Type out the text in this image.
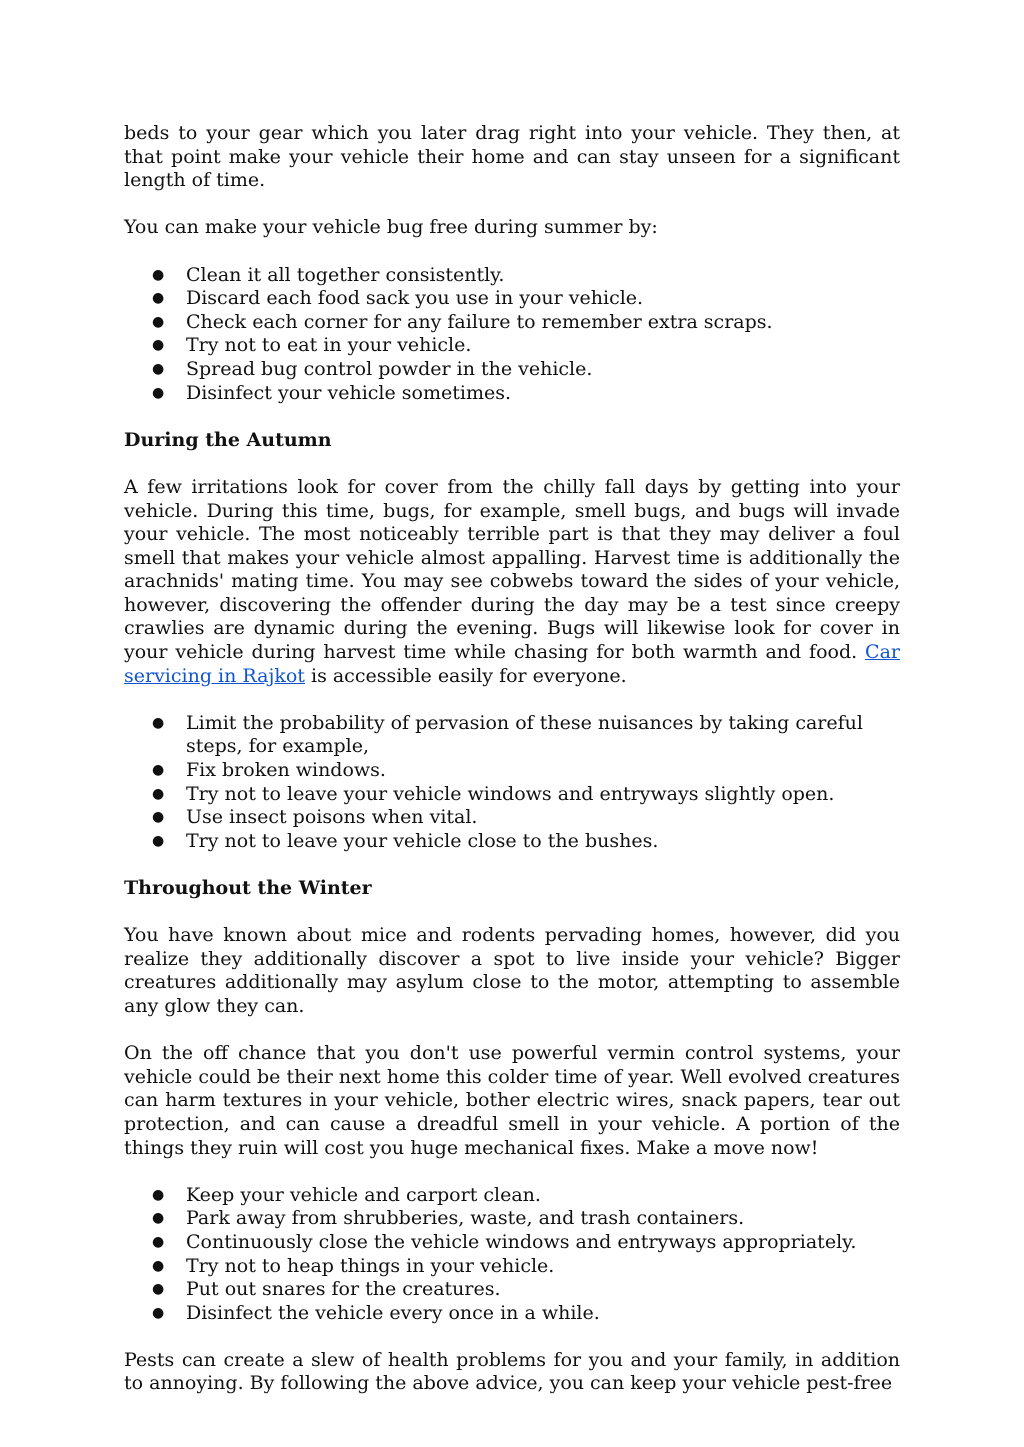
beds to your gear which you later drag right into your vehicle. They then, at that point make your vehicle their home and can stay unseen for a significant length of time.

You can make your vehicle bug free during summer by:

● Clean it all together consistently.
● Discard each food sack you use in your vehicle.
● Check each corner for any failure to remember extra scraps.
● Try not to eat in your vehicle.
● Spread bug control powder in the vehicle.
● Disinfect your vehicle sometimes.
During the Autumn

A few irritations look for cover from the chilly fall days by getting into your vehicle. During this time, bugs, for example, smell bugs, and bugs will invade your vehicle. The most noticeably terrible part is that they may deliver a foul smell that makes your vehicle almost appalling. Harvest time is additionally the arachnids' mating time. You may see cobwebs toward the sides of your vehicle, however, discovering the offender during the day may be a test since creepy crawlies are dynamic during the evening. Bugs will likewise look for cover in your vehicle during harvest time while chasing for both warmth and food. Car servicing in Rajkot is accessible easily for everyone.

● Limit the probability of pervasion of these nuisances by taking careful steps, for example,
● Fix broken windows.
● Try not to leave your vehicle windows and entryways slightly open.
● Use insect poisons when vital.
● Try not to leave your vehicle close to the bushes.
Throughout the Winter

You have known about mice and rodents pervading homes, however, did you realize they additionally discover a spot to live inside your vehicle? Bigger creatures additionally may asylum close to the motor, attempting to assemble any glow they can.

On the off chance that you don't use powerful vermin control systems, your vehicle could be their next home this colder time of year. Well evolved creatures can harm textures in your vehicle, bother electric wires, snack papers, tear out protection, and can cause a dreadful smell in your vehicle. A portion of the things they ruin will cost you huge mechanical fixes. Make a move now!

● Keep your vehicle and carport clean.
● Park away from shrubberies, waste, and trash containers.
● Continuously close the vehicle windows and entryways appropriately.
● Try not to heap things in your vehicle.
● Put out snares for the creatures.
● Disinfect the vehicle every once in a while.

Pests can create a slew of health problems for you and your family, in addition to annoying. By following the above advice, you can keep your vehicle pest-free
